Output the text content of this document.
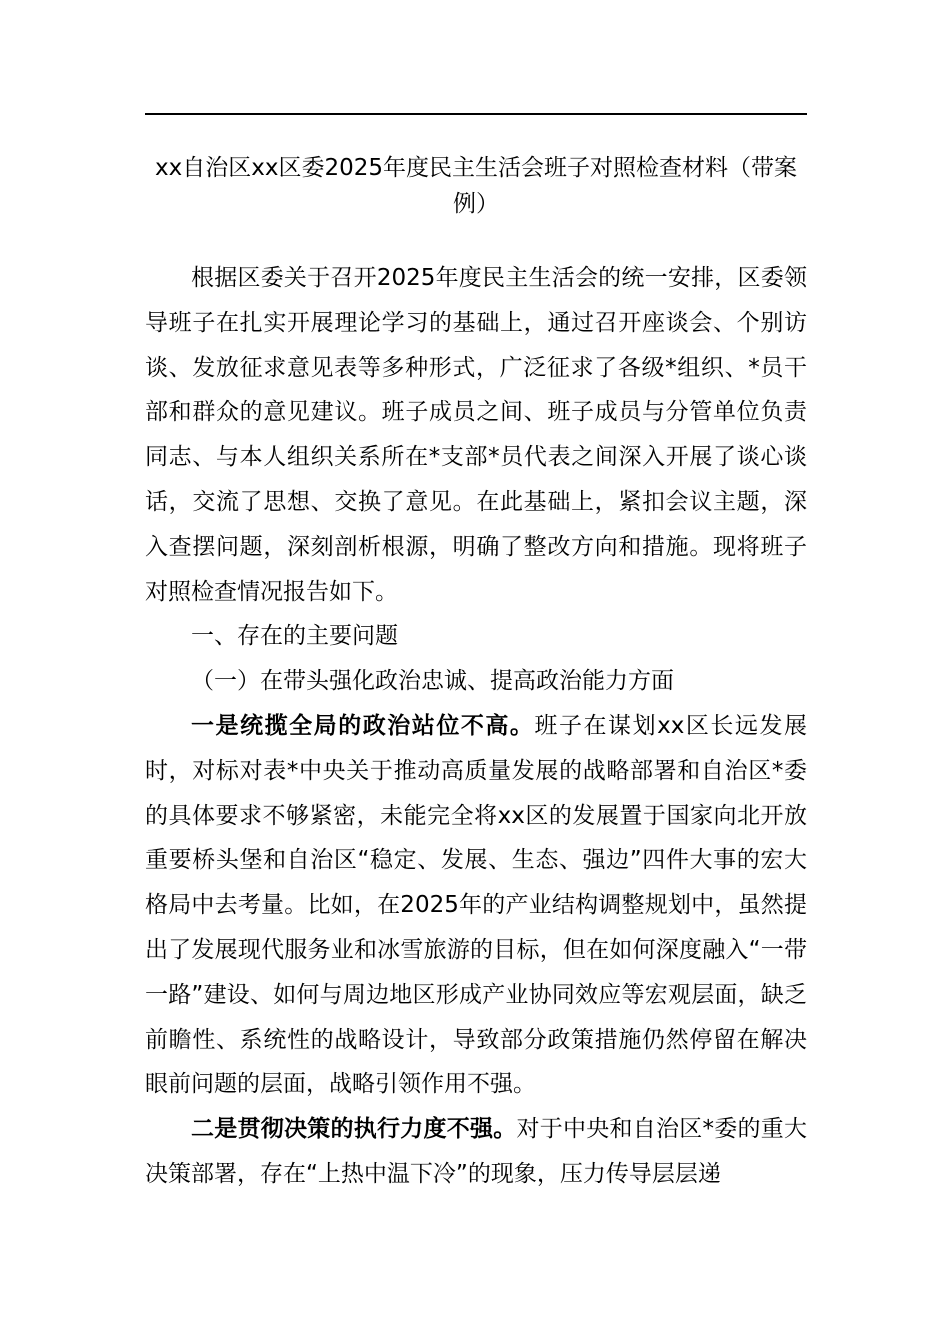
xx自治区xx区委2025年度民主生活会班子对照检查材料（带案例）

根据区委关于召开2025年度民主生活会的统一安排，区委领导班子在扎实开展理论学习的基础上，通过召开座谈会、个别访谈、发放征求意见表等多种形式，广泛征求了各级*组织、*员干部和群众的意见建议。班子成员之间、班子成员与分管单位负责同志、与本人组织关系所在*支部*员代表之间深入开展了谈心谈话，交流了思想、交换了意见。在此基础上，紧扣会议主题，深入查摆问题，深刻剖析根源，明确了整改方向和措施。现将班子对照检查情况报告如下。

一、存在的主要问题

（一）在带头强化政治忠诚、提高政治能力方面

一是统揽全局的政治站位不高。班子在谋划xx区长远发展时，对标对表*中央关于推动高质量发展的战略部署和自治区*委的具体要求不够紧密，未能完全将xx区的发展置于国家向北开放重要桥头堡和自治区“稳定、发展、生态、强边”四件大事的宏大格局中去考量。比如，在2025年的产业结构调整规划中，虽然提出了发展现代服务业和冰雪旅游的目标，但在如何深度融入“一带一路”建设、如何与周边地区形成产业协同效应等宏观层面，缺乏前瞻性、系统性的战略设计，导致部分政策措施仍然停留在解决眼前问题的层面，战略引领作用不强。

二是贯彻决策的执行力度不强。对于中央和自治区*委的重大决策部署，存在“上热中温下冷”的现象，压力传导层层递
